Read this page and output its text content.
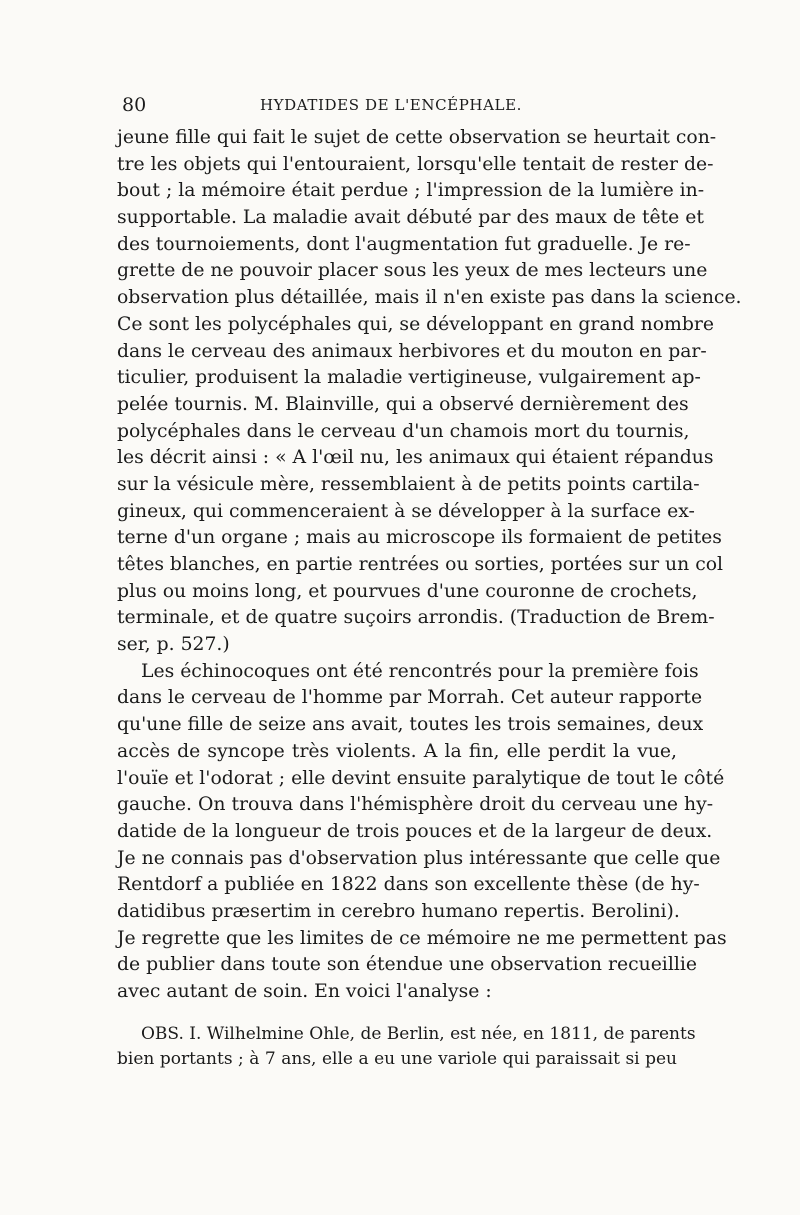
80	HYDATIDES DE L'ENCÉPHALE.
jeune fille qui fait le sujet de cette observation se heurtait con-
tre les objets qui l'entouraient, lorsqu'elle tentait de rester de-
bout ; la mémoire était perdue ; l'impression de la lumière in-
supportable. La maladie avait débuté par des maux de tête et
des tournoiements, dont l'augmentation fut graduelle. Je re-
grette de ne pouvoir placer sous les yeux de mes lecteurs une
observation plus détaillée, mais il n'en existe pas dans la science.
Ce sont les polycéphales qui, se développant en grand nombre
dans le cerveau des animaux herbivores et du mouton en par-
ticulier, produisent la maladie vertigineuse, vulgairement ap-
pelée tournis. M. Blainville, qui a observé dernièrement des
polycéphales dans le cerveau d'un chamois mort du tournis,
les décrit ainsi : « A l'œil nu, les animaux qui étaient répandus
sur la vésicule mère, ressemblaient à de petits points cartila-
gineux, qui commenceraient à se développer à la surface ex-
terne d'un organe ; mais au microscope ils formaient de petites
têtes blanches, en partie rentrées ou sorties, portées sur un col
plus ou moins long, et pourvues d'une couronne de crochets,
terminale, et de quatre suçoirs arrondis. (Traduction de Brem-
ser, p. 527.)
Les échinocoques ont été rencontrés pour la première fois
dans le cerveau de l'homme par Morrah. Cet auteur rapporte
qu'une fille de seize ans avait, toutes les trois semaines, deux
accès de syncope très violents. A la fin, elle perdit la vue,
l'ouïe et l'odorat ; elle devint ensuite paralytique de tout le côté
gauche. On trouva dans l'hémisphère droit du cerveau une hy-
datide de la longueur de trois pouces et de la largeur de deux.
Je ne connais pas d'observation plus intéressante que celle que
Rentdorf a publiée en 1822 dans son excellente thèse (de hy-
datidibus præsertim in cerebro humano repertis. Berolini).
Je regrette que les limites de ce mémoire ne me permettent pas
de publier dans toute son étendue une observation recueillie
avec autant de soin. En voici l'analyse :
OBS. I. Wilhelmine Ohle, de Berlin, est née, en 1811, de parents
bien portants ; à 7 ans, elle a eu une variole qui paraissait si peu
